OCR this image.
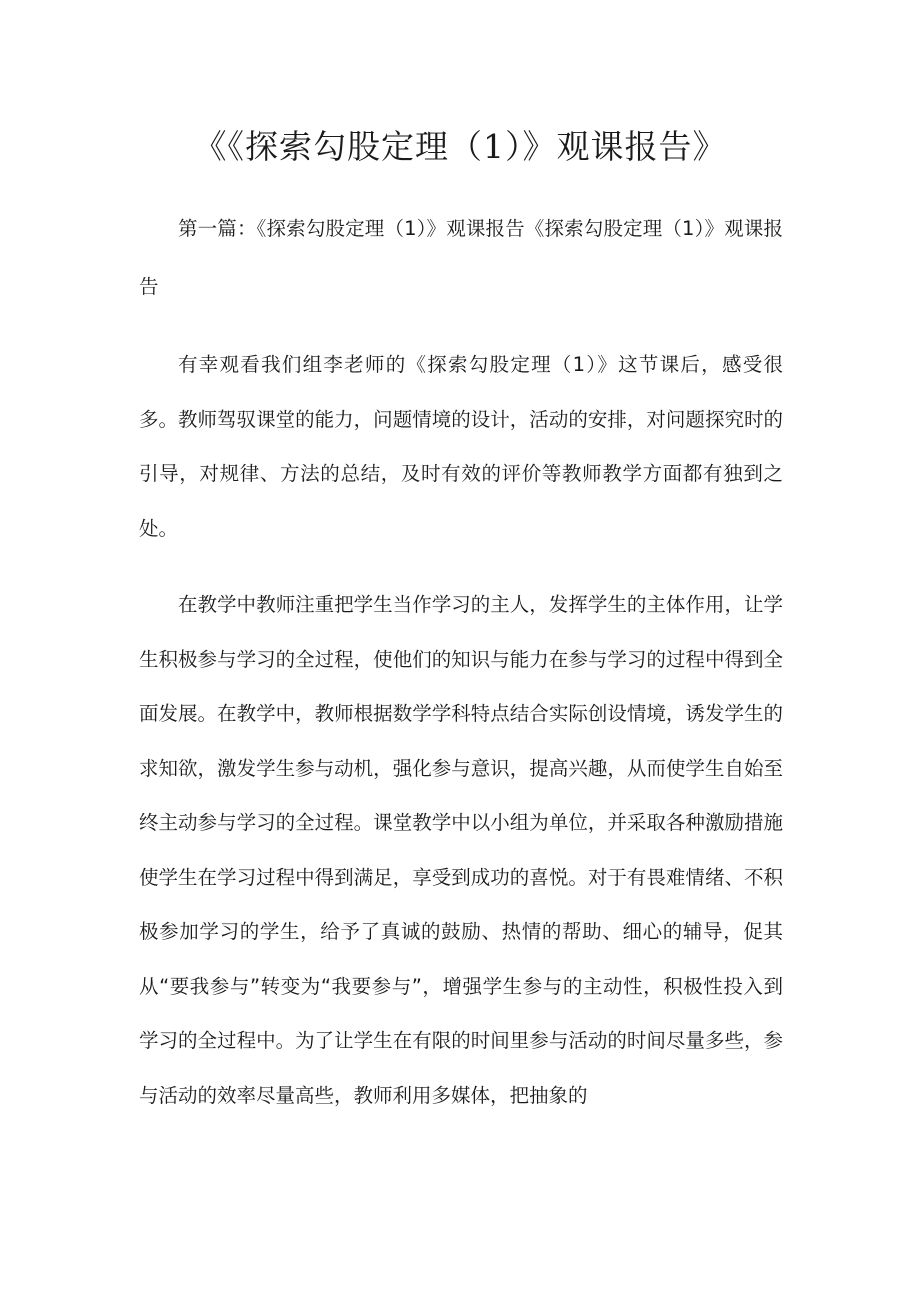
《《探索勾股定理（1）》观课报告》

第一篇：《探索勾股定理（1）》观课报告《探索勾股定理（1）》观课报告

有幸观看我们组李老师的《探索勾股定理（1）》这节课后，感受很多。教师驾驭课堂的能力，问题情境的设计，活动的安排，对问题探究时的引导，对规律、方法的总结，及时有效的评价等教师教学方面都有独到之处。

在教学中教师注重把学生当作学习的主人，发挥学生的主体作用，让学生积极参与学习的全过程，使他们的知识与能力在参与学习的过程中得到全面发展。在教学中，教师根据数学学科特点结合实际创设情境，诱发学生的求知欲，激发学生参与动机，强化参与意识，提高兴趣，从而使学生自始至终主动参与学习的全过程。课堂教学中以小组为单位，并采取各种激励措施使学生在学习过程中得到满足，享受到成功的喜悦。对于有畏难情绪、不积极参加学习的学生，给予了真诚的鼓励、热情的帮助、细心的辅导，促其从“要我参与”转变为“我要参与”，增强学生参与的主动性，积极性投入到学习的全过程中。为了让学生在有限的时间里参与活动的时间尽量多些，参与活动的效率尽量高些，教师利用多媒体，把抽象的
